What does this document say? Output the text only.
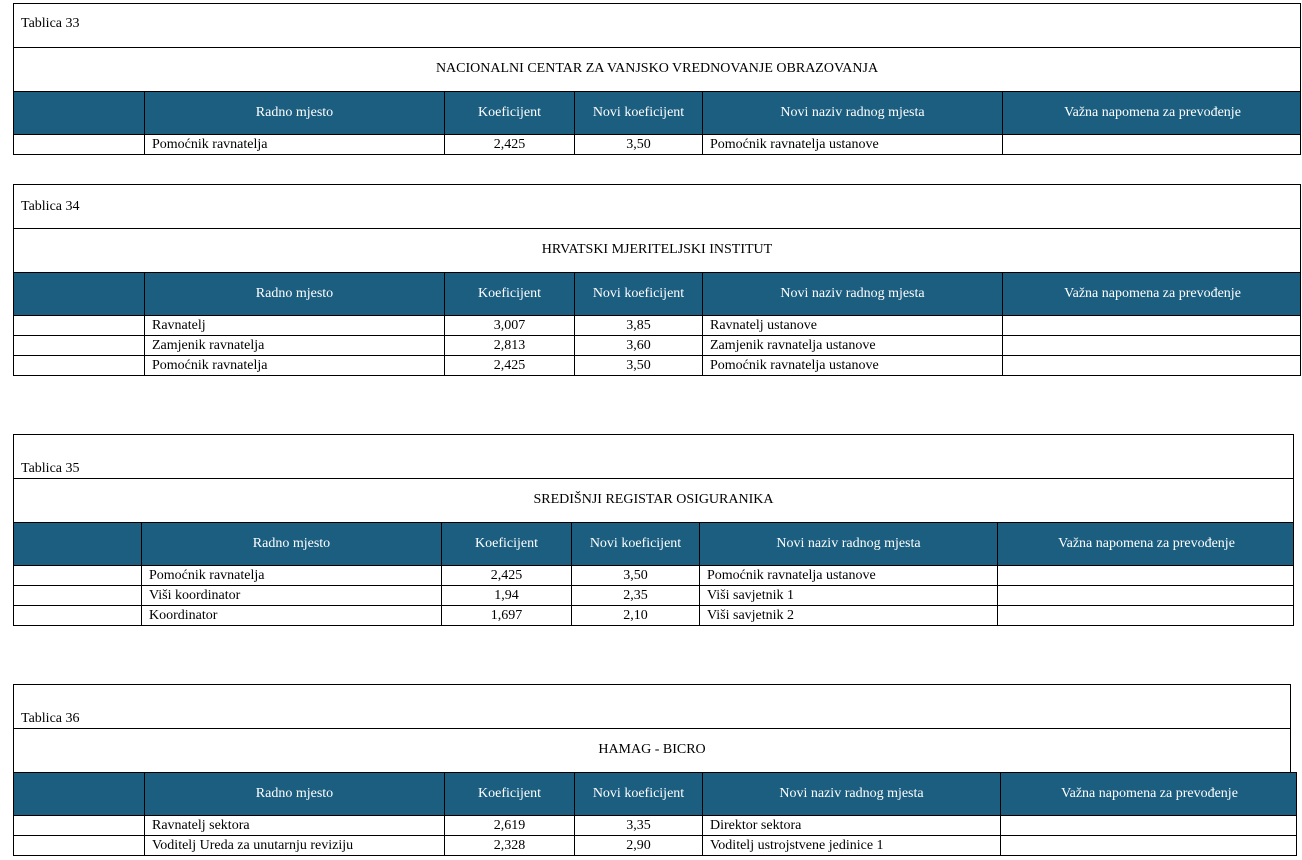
Tablica 33
NACIONALNI CENTAR ZA VANJSKO VREDNOVANJE OBRAZOVANJA
Radno mjesto	Koeficijent	Novi koeficijent	Novi naziv radnog mjesta	Važna napomena za prevođenje
Pomoćnik ravnatelja	2,425	3,50	Pomoćnik ravnatelja ustanove
Tablica 34
HRVATSKI MJERITELJSKI INSTITUT
Radno mjesto	Koeficijent	Novi koeficijent	Novi naziv radnog mjesta	Važna napomena za prevođenje
Ravnatelj	3,007	3,85	Ravnatelj ustanove
Zamjenik ravnatelja	2,813	3,60	Zamjenik ravnatelja ustanove
Pomoćnik ravnatelja	2,425	3,50	Pomoćnik ravnatelja ustanove
Tablica 35
SREDIŠNJI REGISTAR OSIGURANIKA
Radno mjesto	Koeficijent	Novi koeficijent	Novi naziv radnog mjesta	Važna napomena za prevođenje
Pomoćnik ravnatelja	2,425	3,50	Pomoćnik ravnatelja ustanove
Viši koordinator	1,94	2,35	Viši savjetnik 1
Koordinator	1,697	2,10	Viši savjetnik 2
Tablica 36
HAMAG - BICRO
Radno mjesto	Koeficijent	Novi koeficijent	Novi naziv radnog mjesta	Važna napomena za prevođenje
Ravnatelj sektora	2,619	3,35	Direktor sektora
Voditelj Ureda za unutarnju reviziju	2,328	2,90	Voditelj ustrojstvene jedinice 1
